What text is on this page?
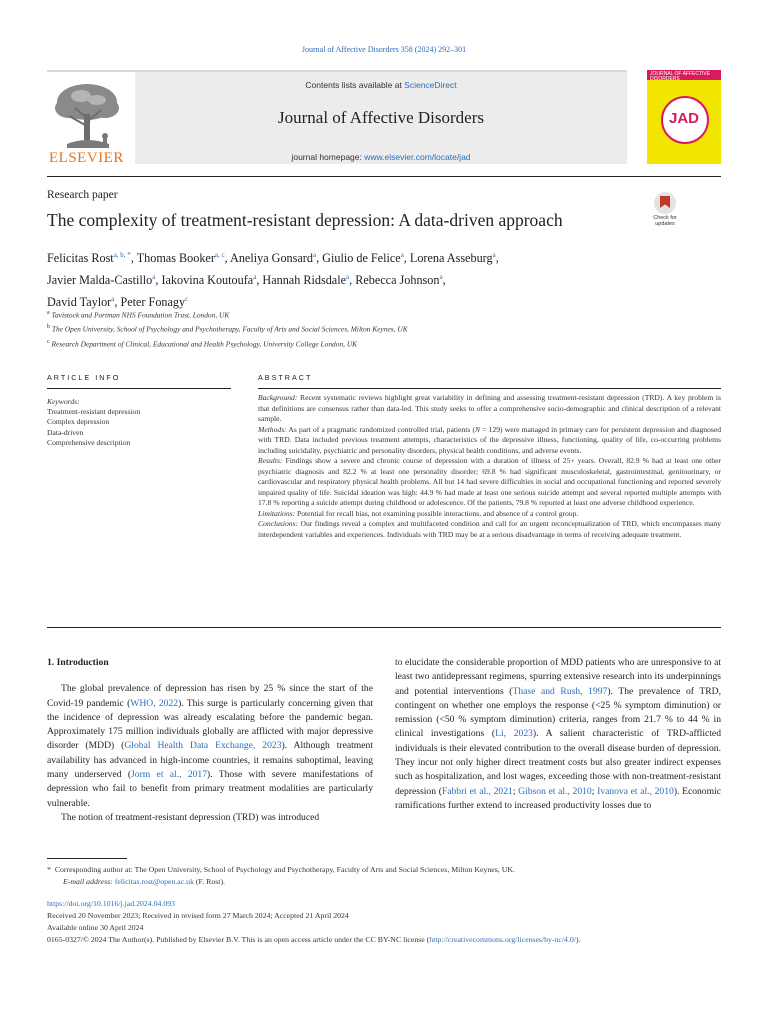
Journal of Affective Disorders 358 (2024) 292–301
ELSEVIER
Contents lists available at ScienceDirect
Journal of Affective Disorders
journal homepage: www.elsevier.com/locate/jad
JOURNAL OF AFFECTIVE DISORDERS
JAD
Research paper
The complexity of treatment-resistant depression: A data-driven approach	Check for updates
Felicitas Rost$^{a, b, *}$, Thomas Booker$^{a, c}$, Aneliya Gonsard$^a$, Giulio de Felice$^a$, Lorena Asseburg$^a$,
Javier Malda-Castillo$^a$, Iakovina Koutoufa$^a$, Hannah Ridsdale$^a$, Rebecca Johnson$^a$,
David Taylor$^a$, Peter Fonagy$^c$
$^a$ Tavistock and Portman NHS Foundation Trust, London, UK
$^b$ The Open University, School of Psychology and Psychotherapy, Faculty of Arts and Social Sciences, Milton Keynes, UK
$^c$ Research Department of Clinical, Educational and Health Psychology, University College London, UK
ARTICLE INFO	ABSTRACT
Keywords:
Treatment-resistant depression
Complex depression
Data-driven
Comprehensive description
Background: Recent systematic reviews highlight great variability in defining and assessing treatment-resistant depression (TRD). A key problem is that definitions are consensus rather than data-led. This study seeks to offer a comprehensive socio-demographic and clinical description of a relevant sample.
Methods: As part of a pragmatic randomized controlled trial, patients (N = 129) were managed in primary care for persistent depression and diagnosed with TRD. Data included previous treatment attempts, characteristics of the depressive illness, functioning, quality of life, co-occurring problems including suicidality, psychiatric and personality disorders, physical health conditions, and adverse events.
Results: Findings show a severe and chronic course of depression with a duration of illness of 25+ years. Overall, 82.9 % had at least one other psychiatric diagnosis and 82.2 % at least one personality disorder; 69.8 % had significant musculoskeletal, gastrointestinal, genitourinary, or cardiovascular and respiratory physical health problems. All but 14 had severe difficulties in social and occupational functioning and reported severely impaired quality of life. Suicidal ideation was high: 44.9 % had made at least one serious suicide attempt and several reported multiple attempts with 17.8 % reporting a suicide attempt during childhood or adolescence. Of the patients, 79.8 % reported at least one adverse childhood experience.
Limitations: Potential for recall bias, not examining possible interactions, and absence of a control group.
Conclusions: Our findings reveal a complex and multifaceted condition and call for an urgent reconceptualization of TRD, which encompasses many interdependent variables and experiences. Individuals with TRD may be at a serious disadvantage in terms of receiving adequate treatment.
1. Introduction

The global prevalence of depression has risen by 25 % since the start of the Covid-19 pandemic (WHO, 2022). This surge is particularly concerning given that the incidence of depression was already escalating before the pandemic began. Approximately 175 million individuals globally are afflicted with major depressive disorder (MDD) (Global Health Data Exchange, 2023). Although treatment availability has advanced in high-income countries, it remains suboptimal, leaving many underserved (Jorm et al., 2017). Those with severe manifestations of depression who fail to benefit from primary treatment modalities are particularly vulnerable.

The notion of treatment-resistant depression (TRD) was introduced

to elucidate the considerable proportion of MDD patients who are unresponsive to at least two antidepressant regimens, spurring extensive research into its underpinnings and potential interventions (Thase and Rush, 1997). The prevalence of TRD, contingent on whether one employs the response (<25 % symptom diminution) or remission (<50 % symptom diminution) criteria, ranges from 21.7 % to 44 % in clinical investigations (Li, 2023). A salient characteristic of TRD-afflicted individuals is their elevated contribution to the overall disease burden of depression. They incur not only higher direct treatment costs but also greater indirect expenses such as hospitalization, and lost wages, exceeding those with non-treatment-resistant depression (Fabbri et al., 2021; Gibson et al., 2010; Ivanova et al., 2010). Economic ramifications further extend to increased productivity losses due to

* Corresponding author at: The Open University, School of Psychology and Psychotherapy, Faculty of Arts and Social Sciences, Milton Keynes, UK.
E-mail address: felicitas.rost@open.ac.uk (F. Rost).
https://doi.org/10.1016/j.jad.2024.04.093
Received 20 November 2023; Received in revised form 27 March 2024; Accepted 21 April 2024
Available online 30 April 2024
0165-0327/© 2024 The Author(s). Published by Elsevier B.V. This is an open access article under the CC BY-NC license (http://creativecommons.org/licenses/by-nc/4.0/).
